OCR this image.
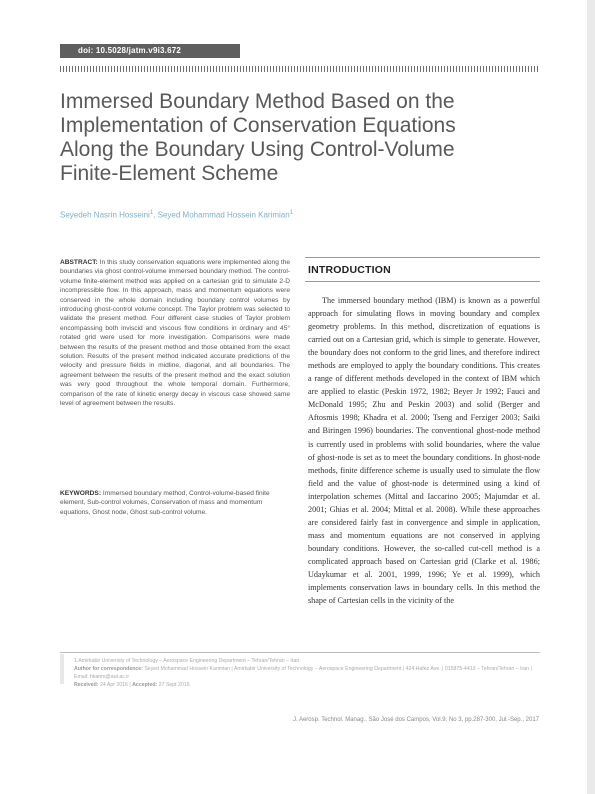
doi: 10.5028/jatm.v9i3.672
Immersed Boundary Method Based on the
Implementation of Conservation Equations
Along the Boundary Using Control-Volume
Finite-Element Scheme
Seyedeh Nasrin Hosseini$^1$, Seyed Mohammad Hossein Karimian$^1$
ABSTRACT: In this study conservation equations were implemented along the boundaries via ghost control-volume immersed boundary method. The control-volume finite-element method was applied on a cartesian grid to simulate 2-D incompressible flow. In this approach, mass and momentum equations were conserved in the whole domain including boundary control volumes by introducing ghost-control volume concept. The Taylor problem was selected to validate the present method. Four different case studies of Taylor problem encompassing both inviscid and viscous flow conditions in ordinary and 45° rotated grid were used for more investigation. Comparisons were made between the results of the present method and those obtained from the exact solution. Results of the present method indicated accurate predictions of the velocity and pressure fields in midline, diagonal, and all boundaries. The agreement between the results of the present method and the exact solution was very good throughout the whole temporal domain. Furthermore, comparison of the rate of kinetic energy decay in viscous case showed same level of agreement between the results.
KEYWORDS: Immersed boundary method, Control-volume-based finite element, Sub-control volumes, Conservation of mass and momentum equations, Ghost node, Ghost sub-control volume.
INTRODUCTION

The immersed boundary method (IBM) is known as a powerful approach for simulating flows in moving boundary and complex geometry problems. In this method, discretization of equations is carried out on a Cartesian grid, which is simple to generate. However, the boundary does not conform to the grid lines, and therefore indirect methods are employed to apply the boundary conditions. This creates a range of different methods developed in the context of IBM which are applied to elastic (Peskin 1972, 1982; Beyer Jr 1992; Fauci and McDonald 1995; Zhu and Peskin 2003) and solid (Berger and Aftosmis 1998; Khadra et al. 2000; Tseng and Ferziger 2003; Saiki and Biringen 1996) boundaries. The conventional ghost-node method is currently used in problems with solid boundaries, where the value of ghost-node is set as to meet the boundary conditions. In ghost-node methods, finite difference scheme is usually used to simulate the flow field and the value of ghost-node is determined using a kind of interpolation schemes (Mittal and Iaccarino 2005; Majumdar et al. 2001; Ghias et al. 2004; Mittal et al. 2008). While these approaches are considered fairly fast in convergence and simple in application, mass and momentum equations are not conserved in applying boundary conditions. However, the so-called cut-cell method is a complicated approach based on Cartesian grid (Clarke et al. 1986; Udaykumar et al. 2001, 1999, 1996; Ye et al. 1999), which implements conservation laws in boundary cells. In this method the shape of Cartesian cells in the vicinity of the

1.Amirkabir University of Technology – Aerospace Engineering Department – Tehran/Tehran – Iran.
Author for correspondence: Seyed Mohammad Hossein Karimian | Amirkabir University of Technology – Aerospace Engineering Department | 424 Hafez Ave. | 015875-4413 – Tehran/Tehran – Iran | Email: hkarim@aut.ac.ir
Received: 24 Apr 2016 | Accepted: 27 Sept 2016
J. Aerosp. Technol. Manag., São José dos Campos, Vol.9, No 3, pp.287-300, Jul.-Sep., 2017
